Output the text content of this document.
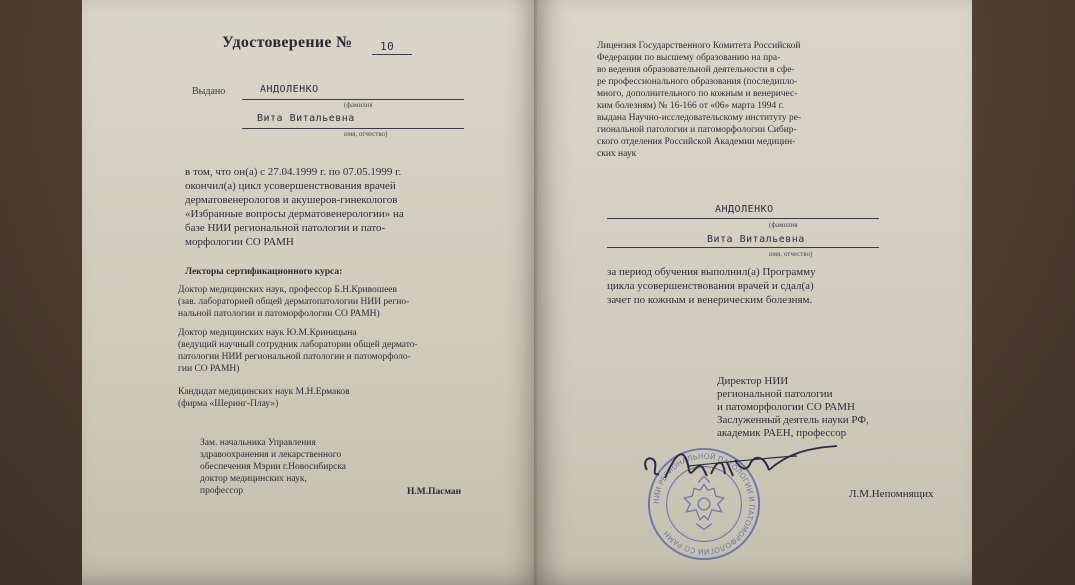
Удостоверение № 10
Выдано	АНДОЛЕНКО
(фамилия
Вита Витальевна
имя, отчество)
в том, что он(а) с 27.04.1999 г. по 07.05.1999 г.
окончил(а) цикл усовершенствования врачей
дерматовенерологов и акушеров-гинекологов
«Избранные вопросы дерматовенерологии» на
базе НИИ региональной патологии и пато-
морфологии СО РАМН
Лекторы сертификационного курса:
Доктор медицинских наук, профессор Б.Н.Кривошеев
(зав. лабораторией общей дерматопатологии НИИ регио-
нальной патологии и патоморфологии СО РАМН)
Доктор медицинских наук Ю.М.Криницына
(ведущий научный сотрудник лаборатории общей дермато-
патологии НИИ региональной патологии и патоморфоло-
гии СО РАМН)
Кандидат медицинских наук М.Н.Ермаков
(фирма «Шеринг-Плау»)
Зам. начальника Управления
здравоохранения и лекарственного
обеспечения Мэрии г.Новосибирска
доктор медицинских наук,
профессор	Н.М.Пасман
Лицензия Государственного Комитета Российской
Федерации по высшему образованию на пра-
во ведения образовательной деятельности в сфе-
ре профессионального образования (последипло-
много, дополнительного по кожным и венеричес-
ким болезням) № 16-166 от «06» марта 1994 г.
выдана Научно-исследовательскому институту ре-
гиональной патологии и патоморфологии Сибир-
ского отделения Российской Академии медицин-
ских наук
АНДОЛЕНКО
(фамилия
Вита Витальевна
имя, отчество)
за период обучения выполнил(а) Программу
цикла усовершенствования врачей и сдал(а)
зачет по кожным и венерическим болезням.
Директор НИИ
региональной патологии
и патоморфологии СО РАМН
Заслуженный деятель науки РФ,
академик РАЕН, профессор
НИИ РЕГИОНАЛЬНОЙ ПАТОЛОГИИ И ПАТОМОРФОЛОГИИ СО РАМН
Л.М.Непомнящих
